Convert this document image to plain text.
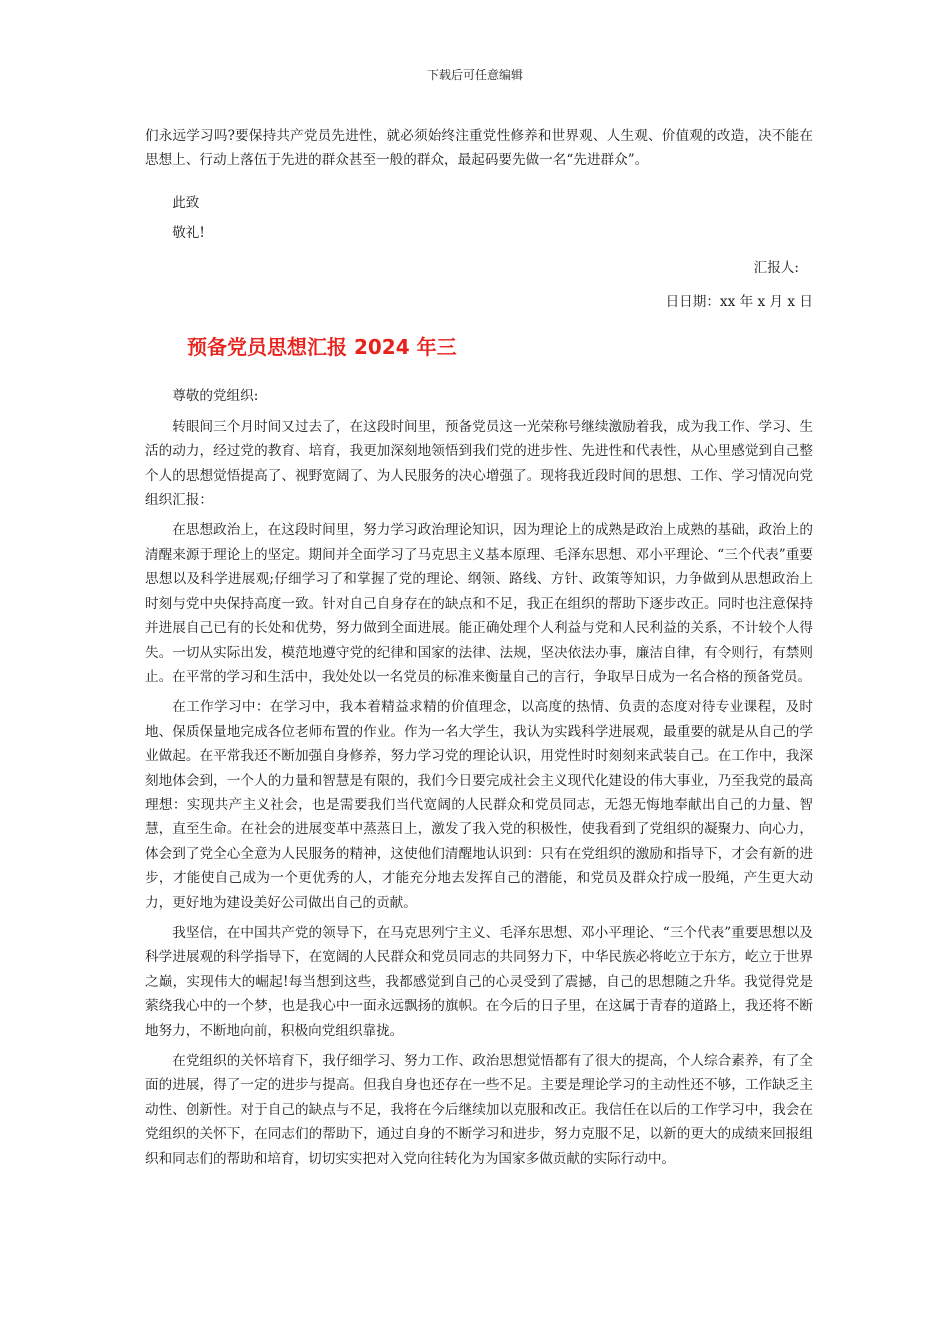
下载后可任意编辑

们永远学习吗?要保持共产党员先进性，就必须始终注重党性修养和世界观、人生观、价值观的改造，决不能在思想上、行动上落伍于先进的群众甚至一般的群众，最起码要先做一名“先进群众”。

此致

敬礼!

汇报人:

日日期：xx 年 x 月 x 日

预备党员思想汇报 2024 年三

尊敬的党组织:

转眼间三个月时间又过去了，在这段时间里，预备党员这一光荣称号继续激励着我，成为我工作、学习、生活的动力，经过党的教育、培育，我更加深刻地领悟到我们党的进步性、先进性和代表性，从心里感觉到自己整个人的思想觉悟提高了、视野宽阔了、为人民服务的决心增强了。现将我近段时间的思想、工作、学习情况向党组织汇报：

在思想政治上，在这段时间里，努力学习政治理论知识，因为理论上的成熟是政治上成熟的基础，政治上的清醒来源于理论上的坚定。期间并全面学习了马克思主义基本原理、毛泽东思想、邓小平理论、“三个代表”重要思想以及科学进展观;仔细学习了和掌握了党的理论、纲领、路线、方针、政策等知识，力争做到从思想政治上时刻与党中央保持高度一致。针对自己自身存在的缺点和不足，我正在组织的帮助下逐步改正。同时也注意保持并进展自己已有的长处和优势，努力做到全面进展。能正确处理个人利益与党和人民利益的关系，不计较个人得失。一切从实际出发，模范地遵守党的纪律和国家的法律、法规，坚决依法办事，廉洁自律，有令则行，有禁则止。在平常的学习和生活中，我处处以一名党员的标准来衡量自己的言行，争取早日成为一名合格的预备党员。

在工作学习中：在学习中，我本着精益求精的价值理念，以高度的热情、负责的态度对待专业课程，及时地、保质保量地完成各位老师布置的作业。作为一名大学生，我认为实践科学进展观，最重要的就是从自己的学业做起。在平常我还不断加强自身修养，努力学习党的理论认识，用党性时时刻刻来武装自己。在工作中，我深刻地体会到，一个人的力量和智慧是有限的，我们今日要完成社会主义现代化建设的伟大事业，乃至我党的最高理想：实现共产主义社会，也是需要我们当代宽阔的人民群众和党员同志，无怨无悔地奉献出自己的力量、智慧，直至生命。在社会的进展变革中蒸蒸日上，激发了我入党的积极性，使我看到了党组织的凝聚力、向心力，体会到了党全心全意为人民服务的精神，这使他们清醒地认识到：只有在党组织的激励和指导下，才会有新的进步，才能使自己成为一个更优秀的人，才能充分地去发挥自己的潜能，和党员及群众拧成一股绳，产生更大动力，更好地为建设美好公司做出自己的贡献。

我坚信，在中国共产党的领导下，在马克思列宁主义、毛泽东思想、邓小平理论、“三个代表”重要思想以及科学进展观的科学指导下，在宽阔的人民群众和党员同志的共同努力下，中华民族必将屹立于东方，屹立于世界之巅，实现伟大的崛起!每当想到这些，我都感觉到自己的心灵受到了震撼，自己的思想随之升华。我觉得党是萦绕我心中的一个梦，也是我心中一面永远飘扬的旗帜。在今后的日子里，在这属于青春的道路上，我还将不断地努力，不断地向前，积极向党组织靠拢。

在党组织的关怀培育下，我仔细学习、努力工作、政治思想觉悟都有了很大的提高，个人综合素养，有了全面的进展，得了一定的进步与提高。但我自身也还存在一些不足。主要是理论学习的主动性还不够，工作缺乏主动性、创新性。对于自己的缺点与不足，我将在今后继续加以克服和改正。我信任在以后的工作学习中，我会在党组织的关怀下，在同志们的帮助下，通过自身的不断学习和进步，努力克服不足，以新的更大的成绩来回报组织和同志们的帮助和培育，切切实实把对入党向往转化为为国家多做贡献的实际行动中。
